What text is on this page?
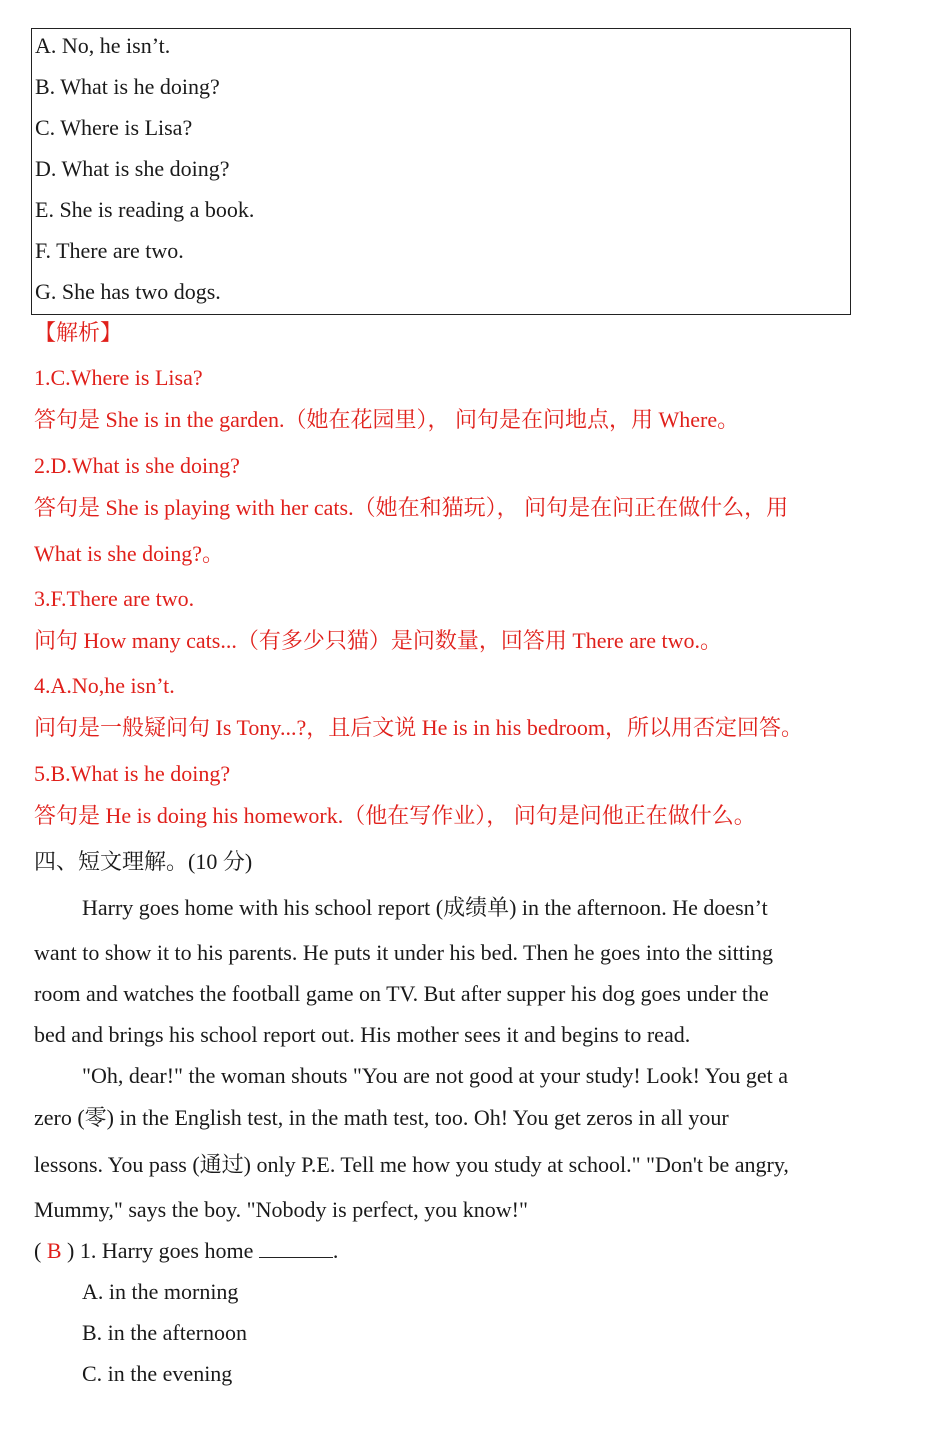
A. No, he isn’t.
B. What is he doing?
C. Where is Lisa?
D. What is she doing?
E. She is reading a book.
F. There are two.
G. She has two dogs.
【解析】
1.C.Where is Lisa?
答句是 She is in the garden.（她在花园里）， 问句是在问地点，用 Where。
2.D.What is she doing?
答句是 She is playing with her cats.（她在和猫玩）， 问句是在问正在做什么，用
What is she doing?。
3.F.There are two.
问句 How many cats...（有多少只猫）是问数量，回答用 There are two.。
4.A.No,he isn’t.
问句是一般疑问句 Is Tony...?，且后文说 He is in his bedroom，所以用否定回答。
5.B.What is he doing?
答句是 He is doing his homework.（他在写作业）， 问句是问他正在做什么。
四、短文理解。(10 分)
Harry goes home with his school report (成绩单) in the afternoon. He doesn’t
want to show it to his parents. He puts it under his bed. Then he goes into the sitting
room and watches the football game on TV. But after supper his dog goes under the
bed and brings his school report out. His mother sees it and begins to read.
"Oh, dear!" the woman shouts "You are not good at your study! Look! You get a
zero (零) in the English test, in the math test, too. Oh! You get zeros in all your
lessons. You pass (通过) only P.E. Tell me how you study at school." "Don't be angry,
Mummy," says the boy. "Nobody is perfect, you know!"
( B ) 1. Harry goes home	.
A. in the morning
B. in the afternoon
C. in the evening
